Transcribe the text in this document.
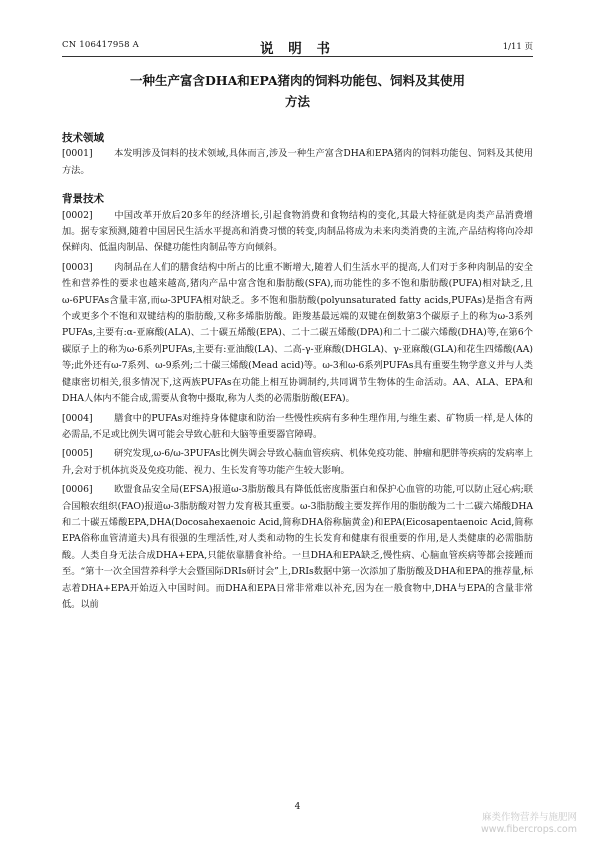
CN 106417958 A	说 明 书	1/11 页
一种生产富含DHA和EPA猪肉的饲料功能包、饲料及其使用
方法

技术领域

[0001] 本发明涉及饲料的技术领域,具体而言,涉及一种生产富含DHA和EPA猪肉的饲料功能包、饲料及其使用方法。

背景技术

[0002] 中国改革开放后20多年的经济增长,引起食物消费和食物结构的变化,其最大特征就是肉类产品消费增加。据专家预测,随着中国居民生活水平提高和消费习惯的转变,肉制品将成为未来肉类消费的主流,产品结构将向冷却保鲜肉、低温肉制品、保健功能性肉制品等方向倾斜。

[0003] 肉制品在人们的膳食结构中所占的比重不断增大,随着人们生活水平的提高,人们对于多种肉制品的安全性和营养性的要求也越来越高,猪肉产品中富含饱和脂肪酸(SFA),而功能性的多不饱和脂肪酸(PUFA)相对缺乏,且ω-6PUFAs含量丰富,而ω-3PUFA相对缺乏。多不饱和脂肪酸(polyunsaturated fatty acids,PUFAs)是指含有两个或更多个不饱和双键结构的脂肪酸,又称多烯脂肪酸。距羧基最远端的双键在倒数第3个碳原子上的称为ω-3系列PUFAs,主要有:α-亚麻酸(ALA)、二十碳五烯酸(EPA)、二十二碳五烯酸(DPA)和二十二碳六烯酸(DHA)等,在第6个碳原子上的称为ω-6系列PUFAs,主要有:亚油酸(LA)、二高-γ-亚麻酸(DHGLA)、γ-亚麻酸(GLA)和花生四烯酸(AA)等;此外还有ω-7系列、ω-9系列;二十碳三烯酸(Mead acid)等。ω-3和ω-6系列PUFAs具有重要生物学意义并与人类健康密切相关,很多情况下,这两族PUFAs在功能上相互协调制约,共同调节生物体的生命活动。AA、ALA、EPA和DHA人体内不能合成,需要从食物中摄取,称为人类的必需脂肪酸(EFA)。

[0004] 膳食中的PUFAs对维持身体健康和防治一些慢性疾病有多种生理作用,与维生素、矿物质一样,是人体的必需品,不足或比例失调可能会导致心脏和大脑等重要器官障碍。

[0005] 研究发现,ω-6/ω-3PUFAs比例失调会导致心脑血管疾病、机体免疫功能、肿瘤和肥胖等疾病的发病率上升,会对于机体抗炎及免疫功能、视力、生长发育等功能产生较大影响。

[0006] 欧盟食品安全局(EFSA)报道ω-3脂肪酸具有降低低密度脂蛋白和保护心血管的功能,可以防止冠心病;联合国粮农组织(FAO)报道ω-3脂肪酸对智力发育极其重要。ω-3脂肪酸主要发挥作用的脂肪酸为二十二碳六烯酸DHA和二十碳五烯酸EPA,DHA(Docosahexaenoic Acid,简称DHA俗称脑黄金)和EPA(Eicosapentaenoic Acid,简称EPA俗称血管清道夫)具有很强的生理活性,对人类和动物的生长发育和健康有很重要的作用,是人类健康的必需脂肪酸。人类自身无法合成DHA+EPA,只能依靠膳食补给。一旦DHA和EPA缺乏,慢性病、心脑血管疾病等都会接踵而至。“第十一次全国营养科学大会暨国际DRIs研讨会”上,DRIs数据中第一次添加了脂肪酸及DHA和EPA的推荐量,标志着DHA+EPA开始迈入中国时间。而DHA和EPA日常非常难以补充,因为在一般食物中,DHA与EPA的含量非常低。以前

4
麻类作物营养与施肥网
www.fibercrops.com
